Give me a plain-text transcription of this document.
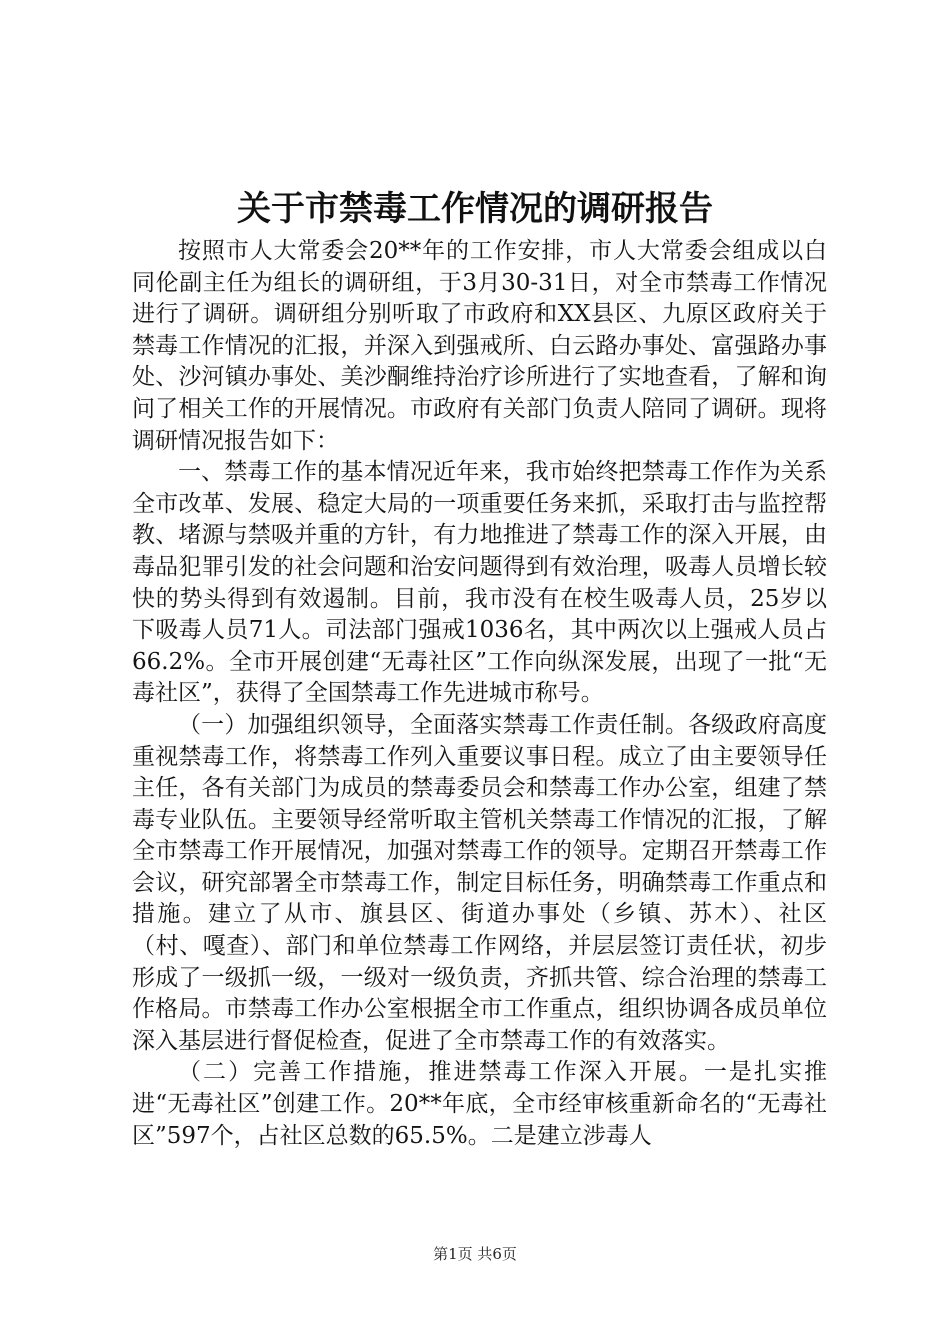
关于市禁毒工作情况的调研报告

按照市人大常委会20**年的工作安排，市人大常委会组成以白同伦副主任为组长的调研组，于3月30-31日，对全市禁毒工作情况进行了调研。调研组分别听取了市政府和XX县区、九原区政府关于禁毒工作情况的汇报，并深入到强戒所、白云路办事处、富强路办事处、沙河镇办事处、美沙酮维持治疗诊所进行了实地查看，了解和询问了相关工作的开展情况。市政府有关部门负责人陪同了调研。现将调研情况报告如下：

一、禁毒工作的基本情况近年来，我市始终把禁毒工作作为关系全市改革、发展、稳定大局的一项重要任务来抓，采取打击与监控帮教、堵源与禁吸并重的方针，有力地推进了禁毒工作的深入开展，由毒品犯罪引发的社会问题和治安问题得到有效治理，吸毒人员增长较快的势头得到有效遏制。目前，我市没有在校生吸毒人员，25岁以下吸毒人员71人。司法部门强戒1036名，其中两次以上强戒人员占66.2%。全市开展创建“无毒社区”工作向纵深发展，出现了一批“无毒社区”，获得了全国禁毒工作先进城市称号。

（一）加强组织领导，全面落实禁毒工作责任制。各级政府高度重视禁毒工作，将禁毒工作列入重要议事日程。成立了由主要领导任主任，各有关部门为成员的禁毒委员会和禁毒工作办公室，组建了禁毒专业队伍。主要领导经常听取主管机关禁毒工作情况的汇报，了解全市禁毒工作开展情况，加强对禁毒工作的领导。定期召开禁毒工作会议，研究部署全市禁毒工作，制定目标任务，明确禁毒工作重点和措施。建立了从市、旗县区、街道办事处（乡镇、苏木）、社区（村、嘎查）、部门和单位禁毒工作网络，并层层签订责任状，初步形成了一级抓一级，一级对一级负责，齐抓共管、综合治理的禁毒工作格局。市禁毒工作办公室根据全市工作重点，组织协调各成员单位深入基层进行督促检查，促进了全市禁毒工作的有效落实。

（二）完善工作措施，推进禁毒工作深入开展。一是扎实推进“无毒社区”创建工作。20**年底，全市经审核重新命名的“无毒社区”597个，占社区总数的65.5%。二是建立涉毒人

第1页 共6页
